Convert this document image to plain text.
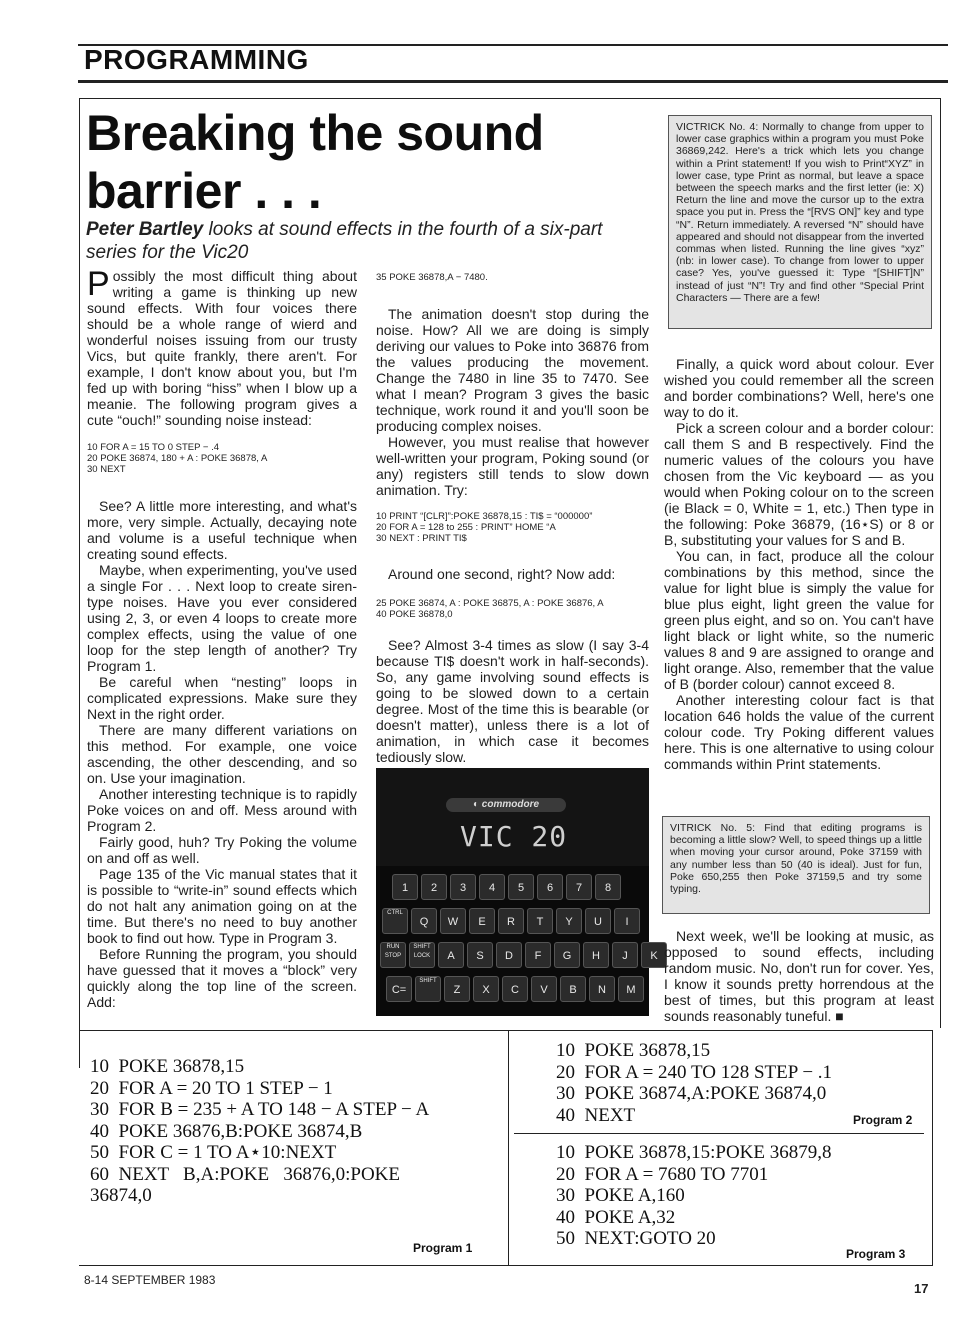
PROGRAMMING
Breaking the sound barrier . . .
Peter Bartley looks at sound effects in the fourth of a six-part series for the Vic20

Possibly the most difficult thing about writing a game is thinking up new sound effects. With four voices there should be a whole range of wierd and wonderful noises issuing from our trusty Vics, but quite frankly, there aren't. For example, I don't know about you, but I'm fed up with boring “hiss” when I blow up a meanie. The following program gives a cute “ouch!” sounding noise instead:

10 FOR A = 15 TO 0 STEP − .4
20 POKE 36874, 180 + A : POKE 36878, A
30 NEXT

See? A little more interesting, and what's more, very simple. Actually, decaying note and volume is a useful technique when creating sound effects.

Maybe, when experimenting, you've used a single For . . . Next loop to create siren-type noises. Have you ever considered using 2, 3, or even 4 loops to create more complex effects, using the value of one loop for the step length of another? Try Program 1.

Be careful when “nesting” loops in complicated expressions. Make sure they Next in the right order.

There are many different variations on this method. For example, one voice ascending, the other descending, and so on. Use your imagination.

Another interesting technique is to rapidly Poke voices on and off. Mess around with Program 2.

Fairly good, huh? Try Poking the volume on and off as well.

Page 135 of the Vic manual states that it is possible to “write-in” sound effects which do not halt any animation going on at the time. But there's no need to buy another book to find out how. Type in Program 3.

Before Running the program, you should have guessed that it moves a “block” very quickly along the top line of the screen. Add:

35 POKE 36878,A − 7480.

The animation doesn't stop during the noise. How? All we are doing is simply deriving our values to Poke into 36876 from the values producing the movement. Change the 7480 in line 35 to 7470. See what I mean? Program 3 gives the basic technique, work round it and you'll soon be producing complex noises.

However, you must realise that however well-written your program, Poking sound (or any) registers still tends to slow down animation. Try:

10 PRINT “[CLR]”:POKE 36878,15 : TI$ = “000000”
20 FOR A = 128 to 255 : PRINT” HOME “A
30 NEXT : PRINT TI$

Around one second, right? Now add:

25 POKE 36874, A : POKE 36875, A : POKE 36876, A
40 POKE 36878,0

See? Almost 3-4 times as slow (I say 3-4 because TI$ doesn't work in half-seconds). So, any game involving sound effects is going to be slowed down to a certain degree. Most of the time this is bearable (or doesn't matter), unless there is a lot of animation, in which case it becomes tediously slow.

◐ commodore
VIC 20
1	2	3	4	5	6	7	8
CTRL
Q	W	E	R	T	Y	U	I
RUN STOP
SHIFT LOCK	A	S	D	F	G	H	J	K
C=
SHIFT
Z	X	C	V	B	N	M
VICTRICK No. 4: Normally to change from upper to lower case graphics within a program you must Poke 36869,242. Here's a trick which lets you change within a Print statement! If you wish to Print“XYZ” in lower case, type Print as normal, but leave a space between the speech marks and the first letter (ie: X) Return the line and move the cursor up to the extra space you put in. Press the “[RVS ON]” key and type “N”. Return immediately. A reversed “N” should have appeared and should not disappear from the inverted commas when listed. Running the line gives “xyz” (nb: in lower case). To change from lower to upper case? Yes, you've guessed it: Type “[SHIFT]N” instead of just “N”! Try and find other “Special Print Characters — There are a few!

Finally, a quick word about colour. Ever wished you could remember all the screen and border combinations? Well, here's one way to do it.

Pick a screen colour and a border colour: call them S and B respectively. Find the numeric values of the colours you have chosen from the Vic keyboard — as you would when Poking colour on to the screen (ie Black = 0, White = 1, etc.) Then type in the following: Poke 36879, (16⋆S) or 8 or B, substituting your values for S and B.

You can, in fact, produce all the colour combinations by this method, since the value for light blue is simply the value for blue plus eight, light green the value for green plus eight, and so on. You can't have light black or light white, so the numeric values 8 and 9 are assigned to orange and light orange. Also, remember that the value of B (border colour) cannot exceed 8.

Another interesting colour fact is that location 646 holds the value of the current colour code. Try Poking different values here. This is one alternative to using colour commands within Print statements.

VITRICK No. 5: Find that editing programs is becoming a little slow? Well, to speed things up a little when moving your cursor around, Poke 37159 with any number less than 50 (40 is ideal). Just for fun, Poke 650,255 then Poke 37159,5 and try some typing.

Next week, we'll be looking at music, as opposed to sound effects, including random music. No, don't run for cover. Yes, I know it sounds pretty horrendous at the best of times, but this program at least sounds reasonably tuneful. ■

10  POKE 36878,15
20  FOR A = 20 TO 1 STEP − 1
30  FOR B = 235 + A TO 148 − A STEP − A
40  POKE 36876,B:POKE 36874,B
50  FOR C = 1 TO A⋆10:NEXT
60  NEXT   B,A:POKE   36876,0:POKE
36874,0
Program 1
10  POKE 36878,15
20  FOR A = 240 TO 128 STEP − .1
30  POKE 36874,A:POKE 36874,0
40  NEXT	Program 2
10  POKE 36878,15:POKE 36879,8
20  FOR A = 7680 TO 7701
30  POKE A,160
40  POKE A,32
50  NEXT:GOTO 20
Program 3
8-14 SEPTEMBER 1983
17
